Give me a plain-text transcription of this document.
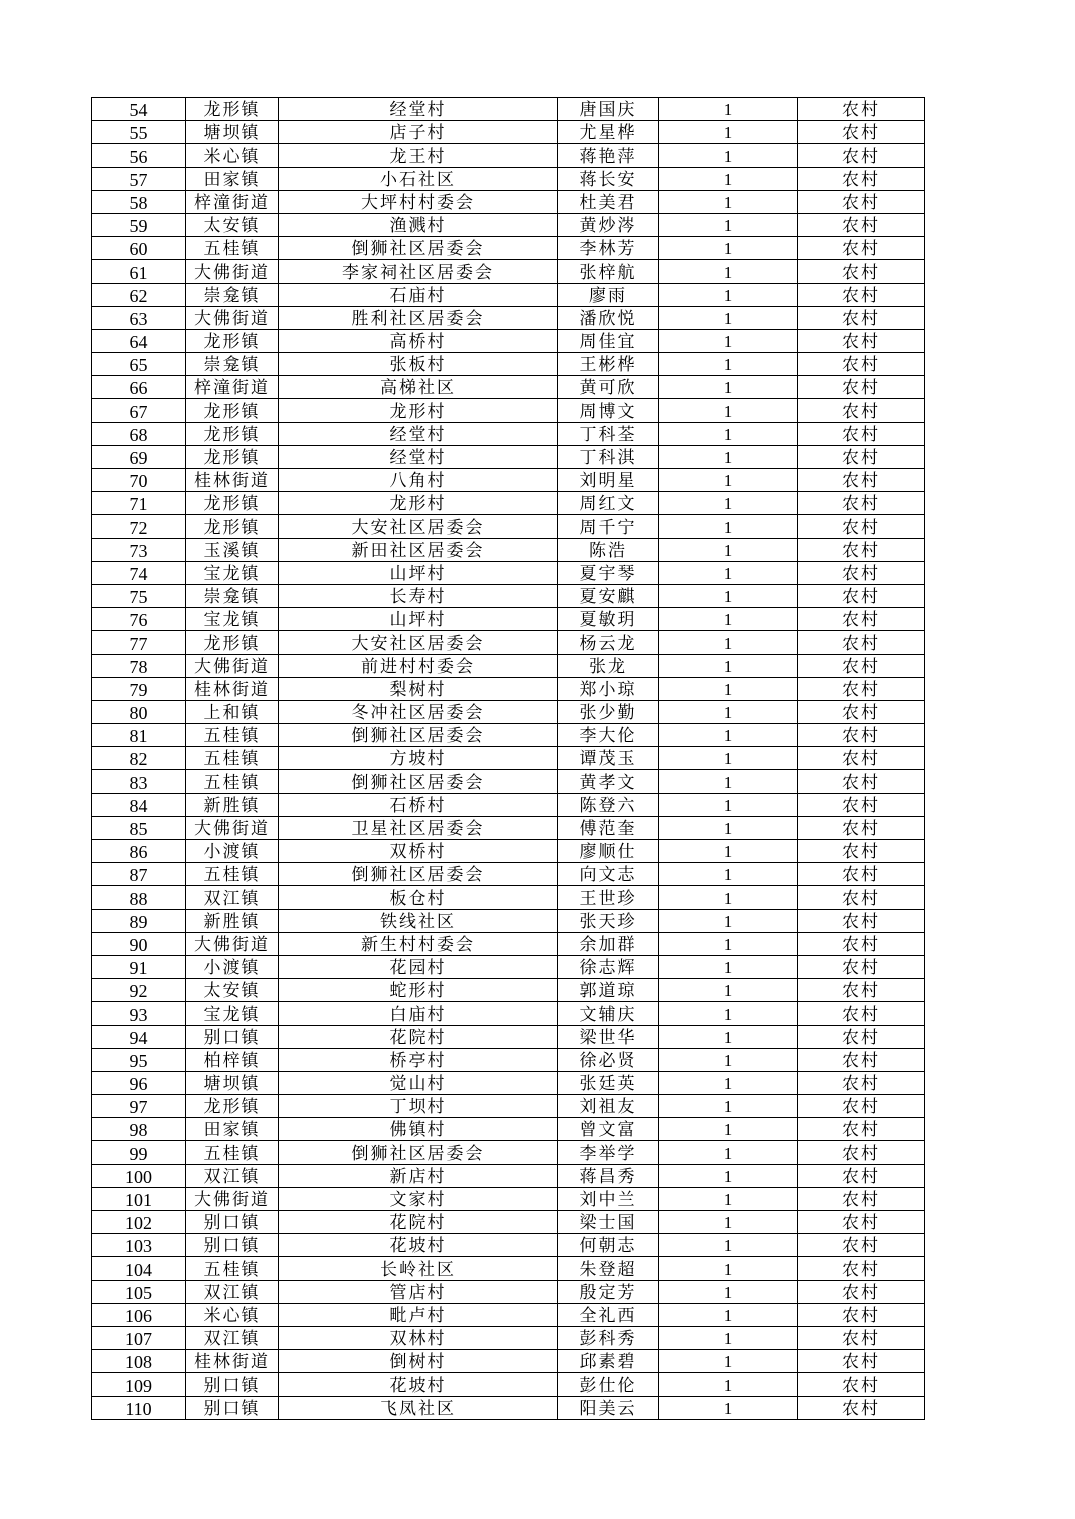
54	龙形镇	经堂村	唐国庆	1	农村
55	塘坝镇	店子村	尤星桦	1	农村
56	米心镇	龙王村	蒋艳萍	1	农村
57	田家镇	小石社区	蒋长安	1	农村
58	梓潼街道	大坪村村委会	杜美君	1	农村
59	太安镇	渔溅村	黄炒涔	1	农村
60	五桂镇	倒狮社区居委会	李林芳	1	农村
61	大佛街道	李家祠社区居委会	张梓航	1	农村
62	崇龛镇	石庙村	廖雨	1	农村
63	大佛街道	胜利社区居委会	潘欣悦	1	农村
64	龙形镇	高桥村	周佳宜	1	农村
65	崇龛镇	张板村	王彬桦	1	农村
66	梓潼街道	高梯社区	黄可欣	1	农村
67	龙形镇	龙形村	周博文	1	农村
68	龙形镇	经堂村	丁科荃	1	农村
69	龙形镇	经堂村	丁科淇	1	农村
70	桂林街道	八角村	刘明星	1	农村
71	龙形镇	龙形村	周红文	1	农村
72	龙形镇	大安社区居委会	周千宁	1	农村
73	玉溪镇	新田社区居委会	陈浩	1	农村
74	宝龙镇	山坪村	夏宇琴	1	农村
75	崇龛镇	长寿村	夏安麒	1	农村
76	宝龙镇	山坪村	夏敏玥	1	农村
77	龙形镇	大安社区居委会	杨云龙	1	农村
78	大佛街道	前进村村委会	张龙	1	农村
79	桂林街道	梨树村	郑小琼	1	农村
80	上和镇	冬冲社区居委会	张少勤	1	农村
81	五桂镇	倒狮社区居委会	李大伦	1	农村
82	五桂镇	方坡村	谭茂玉	1	农村
83	五桂镇	倒狮社区居委会	黄孝文	1	农村
84	新胜镇	石桥村	陈登六	1	农村
85	大佛街道	卫星社区居委会	傅范奎	1	农村
86	小渡镇	双桥村	廖顺仕	1	农村
87	五桂镇	倒狮社区居委会	向文志	1	农村
88	双江镇	板仓村	王世珍	1	农村
89	新胜镇	铁线社区	张天珍	1	农村
90	大佛街道	新生村村委会	余加群	1	农村
91	小渡镇	花园村	徐志辉	1	农村
92	太安镇	蛇形村	郭道琼	1	农村
93	宝龙镇	白庙村	文辅庆	1	农村
94	别口镇	花院村	梁世华	1	农村
95	柏梓镇	桥亭村	徐必贤	1	农村
96	塘坝镇	觉山村	张廷英	1	农村
97	龙形镇	丁坝村	刘祖友	1	农村
98	田家镇	佛镇村	曾文富	1	农村
99	五桂镇	倒狮社区居委会	李举学	1	农村
100	双江镇	新店村	蒋昌秀	1	农村
101	大佛街道	文家村	刘中兰	1	农村
102	别口镇	花院村	梁士国	1	农村
103	别口镇	花坡村	何朝志	1	农村
104	五桂镇	长岭社区	朱登超	1	农村
105	双江镇	管店村	殷定芳	1	农村
106	米心镇	毗卢村	全礼西	1	农村
107	双江镇	双林村	彭科秀	1	农村
108	桂林街道	倒树村	邱素碧	1	农村
109	别口镇	花坡村	彭仕伦	1	农村
110	别口镇	飞凤社区	阳美云	1	农村
